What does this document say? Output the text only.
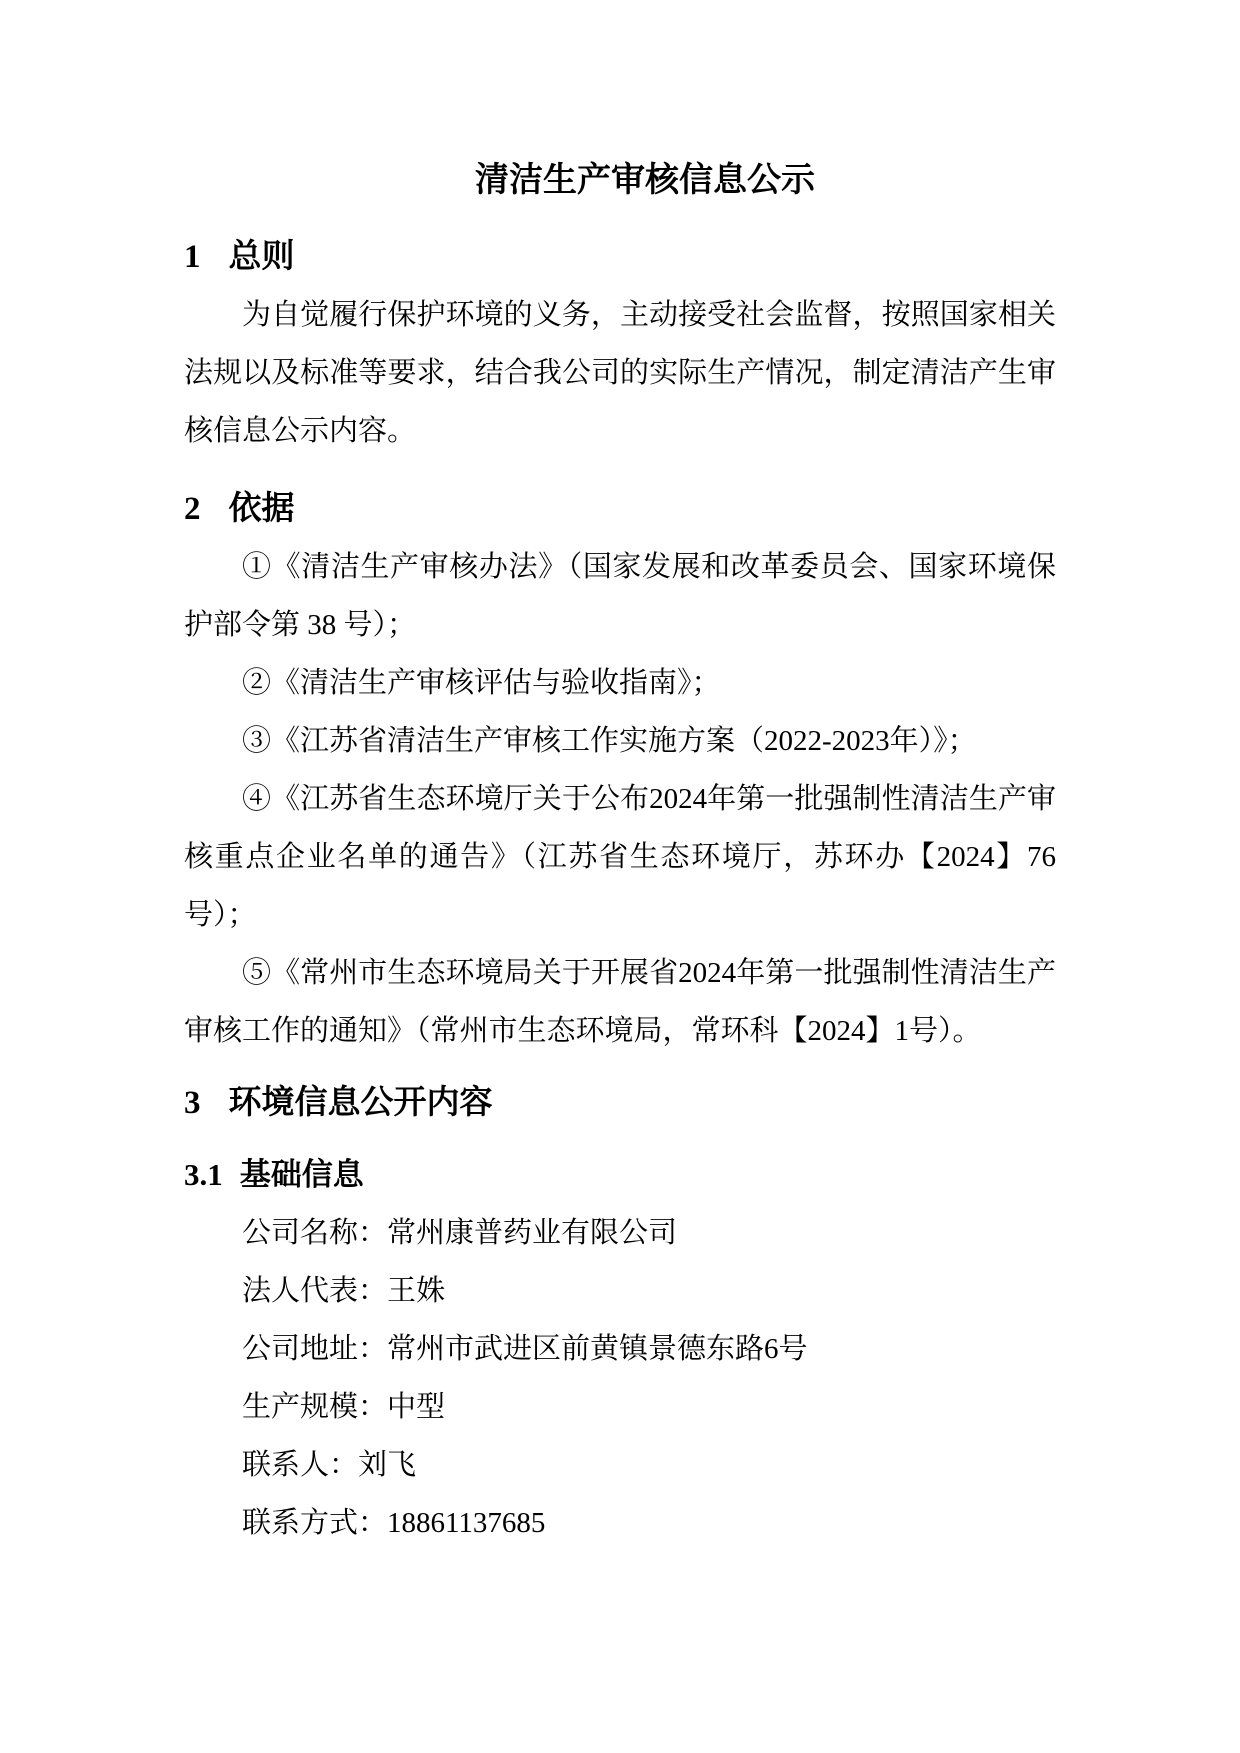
清洁生产审核信息公示
1 总则

为自觉履行保护环境的义务，主动接受社会监督，按照国家相关法规以及标准等要求，结合我公司的实际生产情况，制定清洁产生审核信息公示内容。

2 依据

①《清洁生产审核办法》（国家发展和改革委员会、国家环境保护部令第 38 号）；

②《清洁生产审核评估与验收指南》；

③《江苏省清洁生产审核工作实施方案（2022-2023年）》；

④《江苏省生态环境厅关于公布2024年第一批强制性清洁生产审核重点企业名单的通告》（江苏省生态环境厅，苏环办【2024】76 号）；

⑤《常州市生态环境局关于开展省2024年第一批强制性清洁生产审核工作的通知》（常州市生态环境局，常环科【2024】1号）。

3 环境信息公开内容
3.1 基础信息

公司名称：常州康普药业有限公司

法人代表：王姝

公司地址：常州市武进区前黄镇景德东路6号

生产规模：中型

联系人：刘飞

联系方式：18861137685
